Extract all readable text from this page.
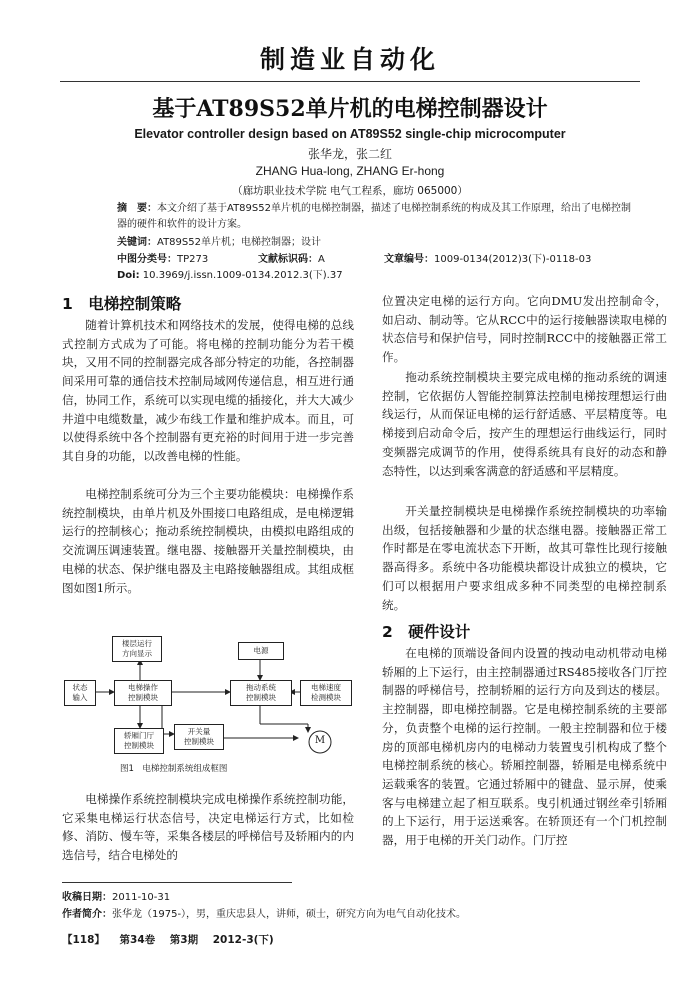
制造业自动化
基于AT89S52单片机的电梯控制器设计
Elevator controller design based on AT89S52 single-chip microcomputer
张华龙，张二红
ZHANG Hua-long, ZHANG Er-hong
（廊坊职业技术学院 电气工程系，廊坊 065000）
摘　要：本文介绍了基于AT89S52单片机的电梯控制器，描述了电梯控制系统的构成及其工作原理，给出了电梯控制器的硬件和软件的设计方案。
关键词：AT89S52单片机；电梯控制器；设计
中图分类号：TP273	文献标识码：A	文章编号：1009-0134(2012)3(下)-0118-03
Doi: 10.3969/j.issn.1009-0134.2012.3(下).37
1　电梯控制策略
随着计算机技术和网络技术的发展，使得电梯的总线式控制方式成为了可能。将电梯的控制功能分为若干模块，又用不同的控制器完成各部分特定的功能，各控制器间采用可靠的通信技术控制局域网传递信息，相互进行通信，协同工作，系统可以实现电缆的插接化，并大大减少井道中电缆数量，减少布线工作量和维护成本。而且，可以使得系统中各个控制器有更充裕的时间用于进一步完善其自身的功能，以改善电梯的性能。
电梯控制系统可分为三个主要功能模块：电梯操作系统控制模块，由单片机及外围接口电路组成，是电梯逻辑运行的控制核心；拖动系统控制模块，由模拟电路组成的交流调压调速装置。继电器、接触器开关量控制模块，由电梯的状态、保护继电器及主电路接触器组成。其组成框图如图1所示。
楼层运行
方向显示	电源
状态
输入
电梯操作
控制模块
拖动系统
控制模块
电梯速度
检测模块
开关量
控制模块
轿厢门厅
控制模块	M
图1　电梯控制系统组成框图
电梯操作系统控制模块完成电梯操作系统控制功能，它采集电梯运行状态信号，决定电梯运行方式，比如检修、消防、慢车等，采集各楼层的呼梯信号及轿厢内的内选信号，结合电梯处的
位置决定电梯的运行方向。它向DMU发出控制命令，如启动、制动等。它从RCC中的运行接触器读取电梯的状态信号和保护信号，同时控制RCC中的接触器正常工作。
拖动系统控制模块主要完成电梯的拖动系统的调速控制，它依据仿人智能控制算法控制电梯按理想运行曲线运行，从而保证电梯的运行舒适感、平层精度等。电梯接到启动命令后，按产生的理想运行曲线运行，同时变频器完成调节的作用，使得系统具有良好的动态和静态特性，以达到乘客满意的舒适感和平层精度。
开关量控制模块是电梯操作系统控制模块的功率输出级，包括接触器和少量的状态继电器。接触器正常工作时都是在零电流状态下开断，故其可靠性比现行接触器高得多。系统中各功能模块都设计成独立的模块，它们可以根据用户要求组成多种不同类型的电梯控制系统。
2　硬件设计
在电梯的顶端设备间内设置的拽动电动机带动电梯轿厢的上下运行，由主控制器通过RS485接收各门厅控制器的呼梯信号，控制轿厢的运行方向及到达的楼层。主控制器，即电梯控制器。它是电梯控制系统的主要部分，负责整个电梯的运行控制。一般主控制器和位于楼房的顶部电梯机房内的电梯动力装置曳引机构成了整个电梯控制系统的核心。轿厢控制器，轿厢是电梯系统中运载乘客的装置。它通过轿厢中的键盘、显示屏，使乘客与电梯建立起了相互联系。曳引机通过钢丝牵引轿厢的上下运行，用于运送乘客。在轿顶还有一个门机控制器，用于电梯的开关门动作。门厅控
收稿日期：2011-10-31
作者简介：张华龙（1975-），男，重庆忠县人，讲师，硕士，研究方向为电气自动化技术。
【118】 第34卷 第3期 2012-3(下)
